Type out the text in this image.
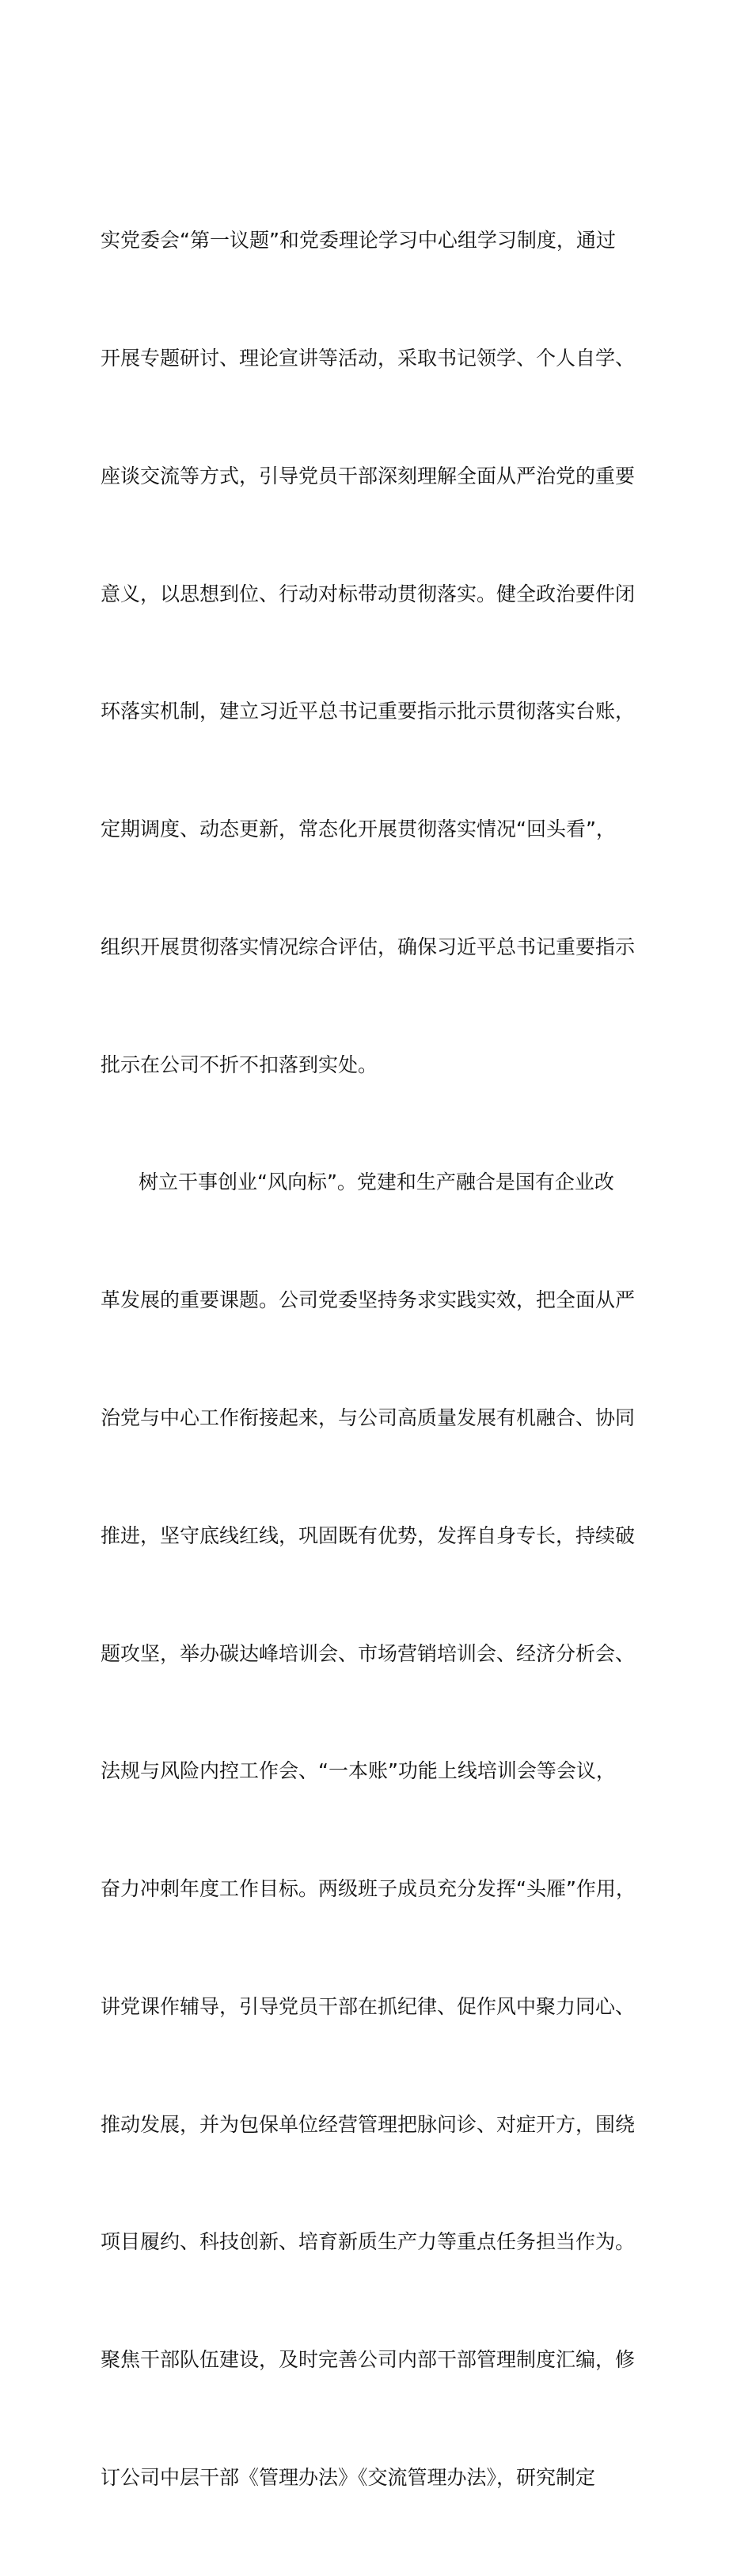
实党委会“第一议题”和党委理论学习中心组学习制度，通过

开展专题研讨、理论宣讲等活动，采取书记领学、个人自学、

座谈交流等方式，引导党员干部深刻理解全面从严治党的重要

意义，以思想到位、行动对标带动贯彻落实。健全政治要件闭

环落实机制，建立习近平总书记重要指示批示贯彻落实台账，

定期调度、动态更新，常态化开展贯彻落实情况“回头看”，

组织开展贯彻落实情况综合评估，确保习近平总书记重要指示

批示在公司不折不扣落到实处。

树立干事创业“风向标”。党建和生产融合是国有企业改

革发展的重要课题。公司党委坚持务求实践实效，把全面从严

治党与中心工作衔接起来，与公司高质量发展有机融合、协同

推进，坚守底线红线，巩固既有优势，发挥自身专长，持续破

题攻坚，举办碳达峰培训会、市场营销培训会、经济分析会、

法规与风险内控工作会、“一本账”功能上线培训会等会议，

奋力冲刺年度工作目标。两级班子成员充分发挥“头雁”作用，

讲党课作辅导，引导党员干部在抓纪律、促作风中聚力同心、

推动发展，并为包保单位经营管理把脉问诊、对症开方，围绕

项目履约、科技创新、培育新质生产力等重点任务担当作为。

聚焦干部队伍建设，及时完善公司内部干部管理制度汇编，修

订公司中层干部《管理办法》《交流管理办法》，研究制定
